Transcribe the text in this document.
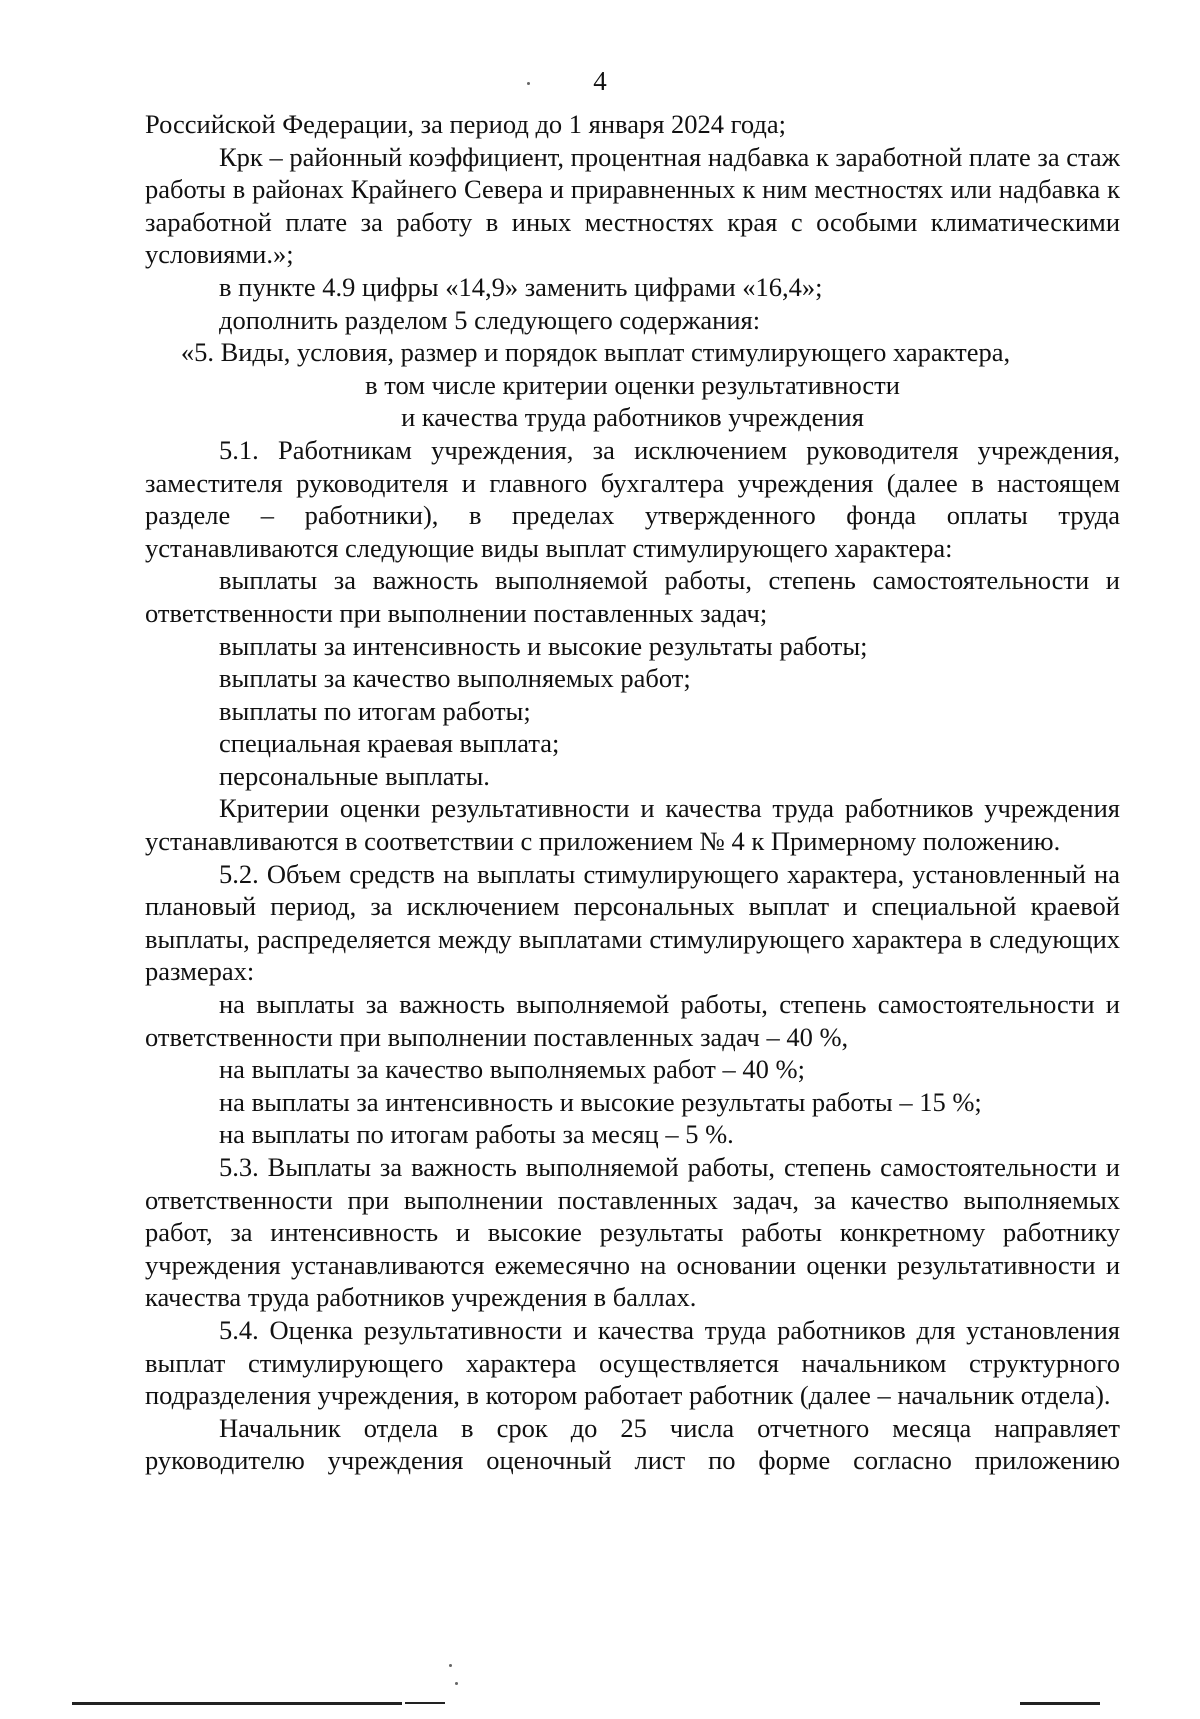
4

Российской Федерации, за период до 1 января 2024 года;

Крк – районный коэффициент, процентная надбавка к заработной плате за стаж работы в районах Крайнего Севера и приравненных к ним местностях или надбавка к заработной плате за работу в иных местностях края с особыми климатическими условиями.»;

в пункте 4.9 цифры «14,9» заменить цифрами «16,4»;

дополнить разделом 5 следующего содержания:

«5. Виды, условия, размер и порядок выплат стимулирующего характера,

в том числе критерии оценки результативности

и качества труда работников учреждения

5.1. Работникам учреждения, за исключением руководителя учреждения, заместителя руководителя и главного бухгалтера учреждения (далее в настоящем разделе – работники), в пределах утвержденного фонда оплаты труда устанавливаются следующие виды выплат стимулирующего характера:

выплаты за важность выполняемой работы, степень самостоятельности и ответственности при выполнении поставленных задач;

выплаты за интенсивность и высокие результаты работы;

выплаты за качество выполняемых работ;

выплаты по итогам работы;

специальная краевая выплата;

персональные выплаты.

Критерии оценки результативности и качества труда работников учреждения устанавливаются в соответствии с приложением № 4 к Примерному положению.

5.2. Объем средств на выплаты стимулирующего характера, установленный на плановый период, за исключением персональных выплат и специальной краевой выплаты, распределяется между выплатами стимулирующего характера в следующих размерах:

на выплаты за важность выполняемой работы, степень самостоятельности и ответственности при выполнении поставленных задач – 40 %,

на выплаты за качество выполняемых работ – 40 %;

на выплаты за интенсивность и высокие результаты работы – 15 %;

на выплаты по итогам работы за месяц – 5 %.

5.3. Выплаты за важность выполняемой работы, степень самостоятельности и ответственности при выполнении поставленных задач, за качество выполняемых работ, за интенсивность и высокие результаты работы конкретному работнику учреждения устанавливаются ежемесячно на основании оценки результативности и качества труда работников учреждения в баллах.

5.4. Оценка результативности и качества труда работников для установления выплат стимулирующего характера осуществляется начальником структурного подразделения учреждения, в котором работает работник (далее – начальник отдела).

Начальник отдела в срок до 25 числа отчетного месяца направляет руководителю учреждения оценочный лист по форме согласно приложению
